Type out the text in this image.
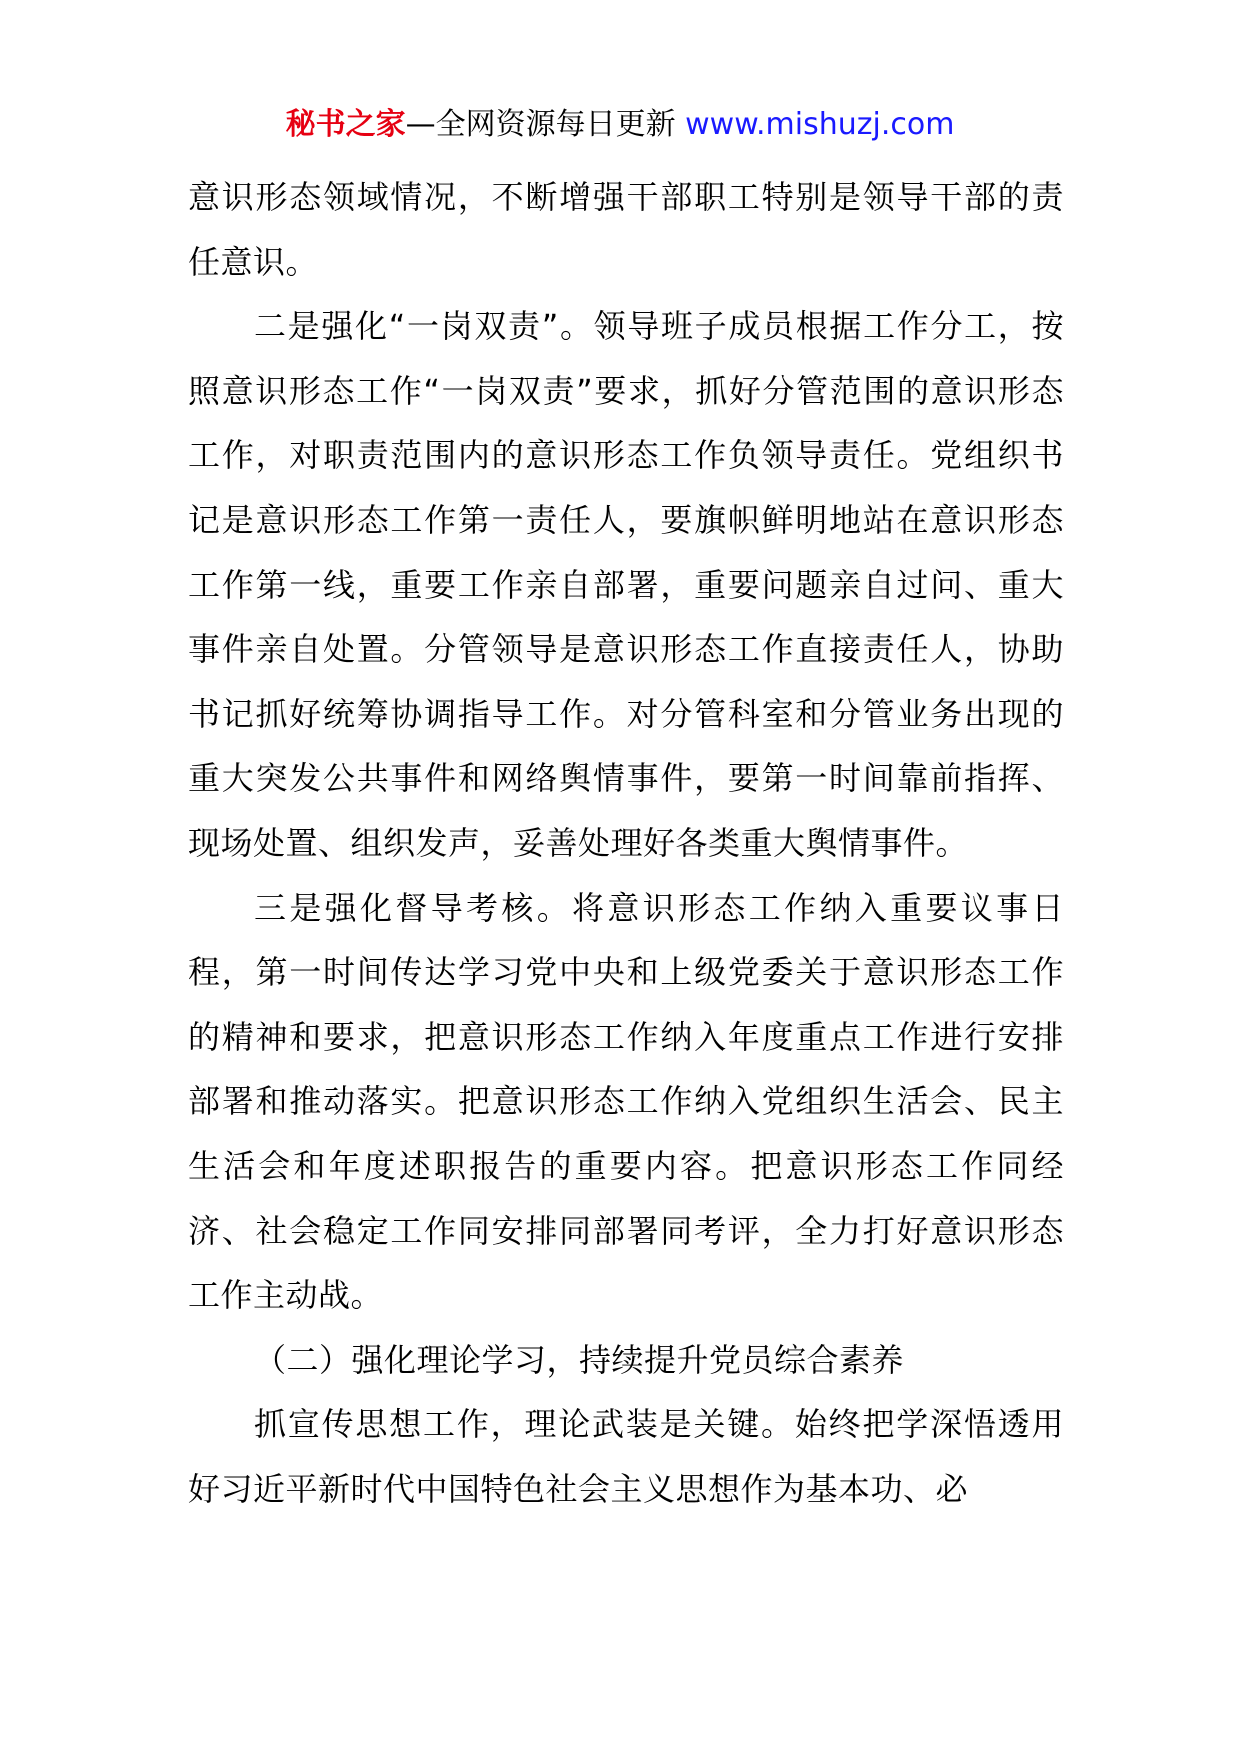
秘书之家—全网资源每日更新 www.mishuzj.com

意识形态领域情况，不断增强干部职工特别是领导干部的责任意识。

二是强化“一岗双责”。领导班子成员根据工作分工，按照意识形态工作“一岗双责”要求，抓好分管范围的意识形态工作，对职责范围内的意识形态工作负领导责任。党组织书记是意识形态工作第一责任人，要旗帜鲜明地站在意识形态工作第一线，重要工作亲自部署，重要问题亲自过问、重大事件亲自处置。分管领导是意识形态工作直接责任人，协助书记抓好统筹协调指导工作。对分管科室和分管业务出现的重大突发公共事件和网络舆情事件，要第一时间靠前指挥、现场处置、组织发声，妥善处理好各类重大舆情事件。

三是强化督导考核。将意识形态工作纳入重要议事日程，第一时间传达学习党中央和上级党委关于意识形态工作的精神和要求，把意识形态工作纳入年度重点工作进行安排部署和推动落实。把意识形态工作纳入党组织生活会、民主生活会和年度述职报告的重要内容。把意识形态工作同经济、社会稳定工作同安排同部署同考评，全力打好意识形态工作主动战。

（二）强化理论学习，持续提升党员综合素养

抓宣传思想工作，理论武装是关键。始终把学深悟透用好习近平新时代中国特色社会主义思想作为基本功、必
